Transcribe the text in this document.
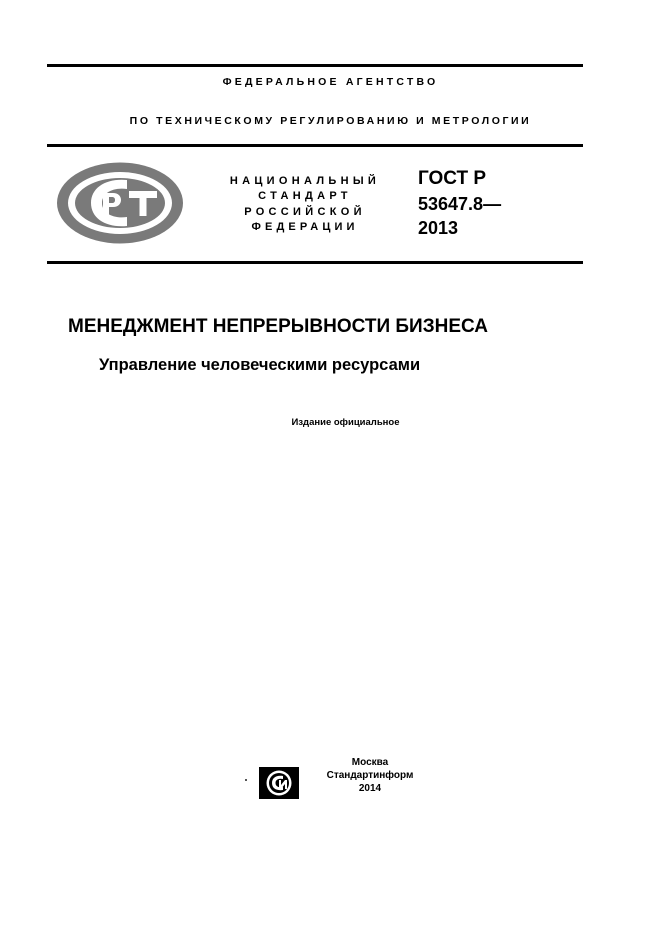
ФЕДЕРАЛЬНОЕ АГЕНТСТВО
ПО ТЕХНИЧЕСКОМУ РЕГУЛИРОВАНИЮ И МЕТРОЛОГИИ
НАЦИОНАЛЬНЫЙ
СТАНДАРТ
РОССИЙСКОЙ
ФЕДЕРАЦИИ
ГОСТ Р
53647.8—
2013
МЕНЕДЖМЕНТ НЕПРЕРЫВНОСТИ БИЗНЕСА
Управление человеческими ресурсами
Издание официальное
Москва
Стандартинформ
2014
